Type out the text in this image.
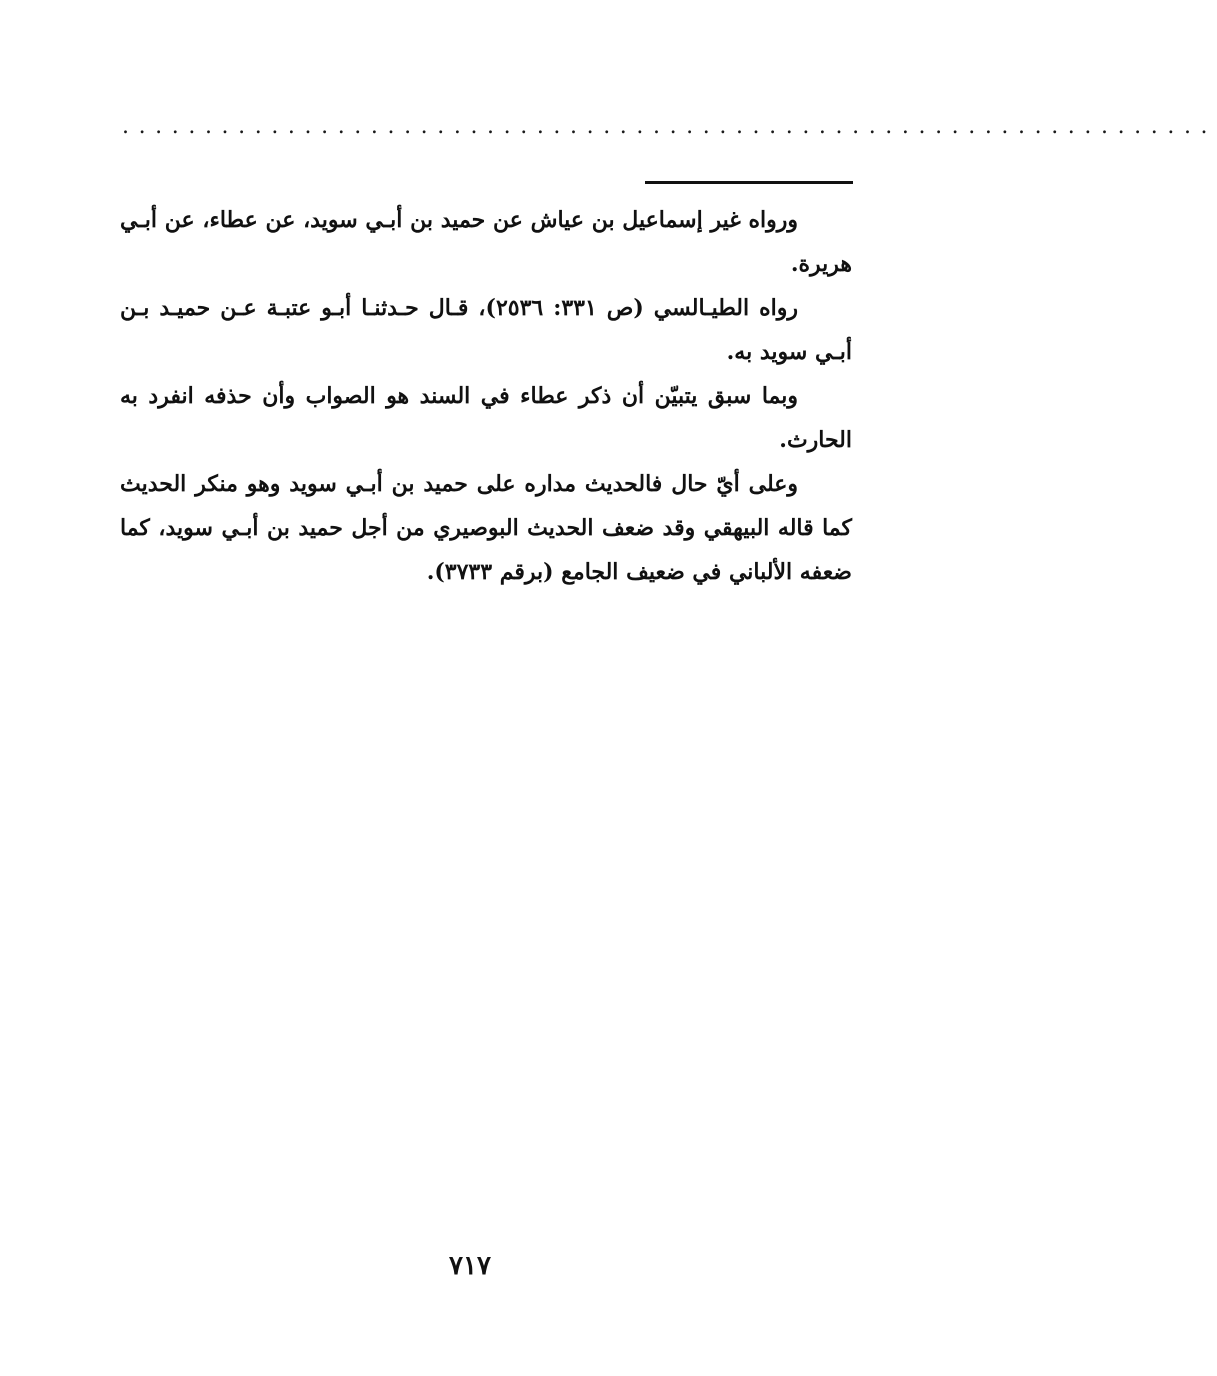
..................................................................

ورواه غير إسماعيل بن عياش عن حميد بن أبـي سويد، عن عطاء، عن أبـي هريرة.

رواه الطيـالسي (ص ٣٣١: ٢٥٣٦)، قـال حـدثنـا أبـو عتبـة عـن حميـد بـن أبـي سويد به.

وبما سبق يتبيّن أن ذكر عطاء في السند هو الصواب وأن حذفه انفرد به الحارث.

وعلى أيّ حال فالحديث مداره على حميد بن أبـي سويد وهو منكر الحديث كما قاله البيهقي وقد ضعف الحديث البوصيري من أجل حميد بن أبـي سويد، كما ضعفه الألباني في ضعيف الجامع (برقم ٣٧٣٣).

٧١٧
